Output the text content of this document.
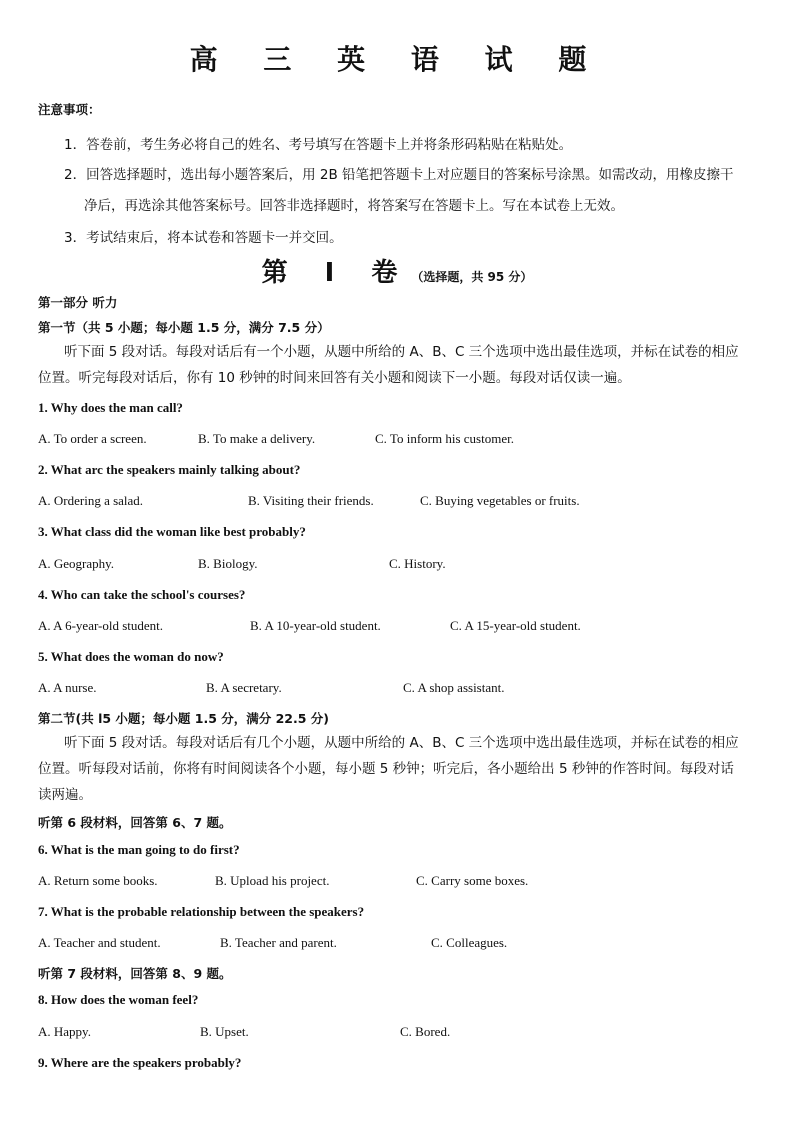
高 三 英 语 试 题
注意事项：
1．答卷前，考生务必将自己的姓名、考号填写在答题卡上并将条形码粘贴在粘贴处。
2．回答选择题时，选出每小题答案后，用 2B 铅笔把答题卡上对应题目的答案标号涂黑。如需改动，用橡皮擦干
净后，再选涂其他答案标号。回答非选择题时，将答案写在答题卡上。写在本试卷上无效。
3．考试结束后，将本试卷和答题卡一并交回。
第 I 卷（选择题，共 95 分）
第一部分 听力
第一节（共 5 小题；每小题 1.5 分，满分 7.5 分）
听下面 5 段对话。每段对话后有一个小题，从题中所给的 A、B、C 三个选项中选出最佳选项，并标在试卷的相应
位置。听完每段对话后，你有 10 秒钟的时间来回答有关小题和阅读下一小题。每段对话仅读一遍。
1. Why does the man call?
A. To order a screen.	B. To make a delivery.	C. To inform his customer.
2. What arc the speakers mainly talking about?
A. Ordering a salad.	B. Visiting their friends.	C. Buying vegetables or fruits.
3. What class did the woman like best probably?
A. Geography.	B. Biology.	C. History.
4. Who can take the school's courses?
A. A 6-year-old student.	B. A 10-year-old student.	C. A 15-year-old student.
5. What does the woman do now?
A. A nurse.	B. A secretary.	C. A shop assistant.
第二节(共 l5 小题；每小题 1.5 分，满分 22.5 分)
听下面 5 段对话。每段对话后有几个小题，从题中所给的 A、B、C 三个选项中选出最佳选项，并标在试卷的相应
位置。听每段对话前，你将有时间阅读各个小题，每小题 5 秒钟；听完后，各小题给出 5 秒钟的作答时间。每段对话
读两遍。
听第 6 段材料，回答第 6、7 题。
6. What is the man going to do first?
A. Return some books.	B. Upload his project.	C. Carry some boxes.
7. What is the probable relationship between the speakers?
A. Teacher and student.	B. Teacher and parent.	C. Colleagues.
听第 7 段材料，回答第 8、9 题。
8. How does the woman feel?
A. Happy.	B. Upset.	C. Bored.
9. Where are the speakers probably?
